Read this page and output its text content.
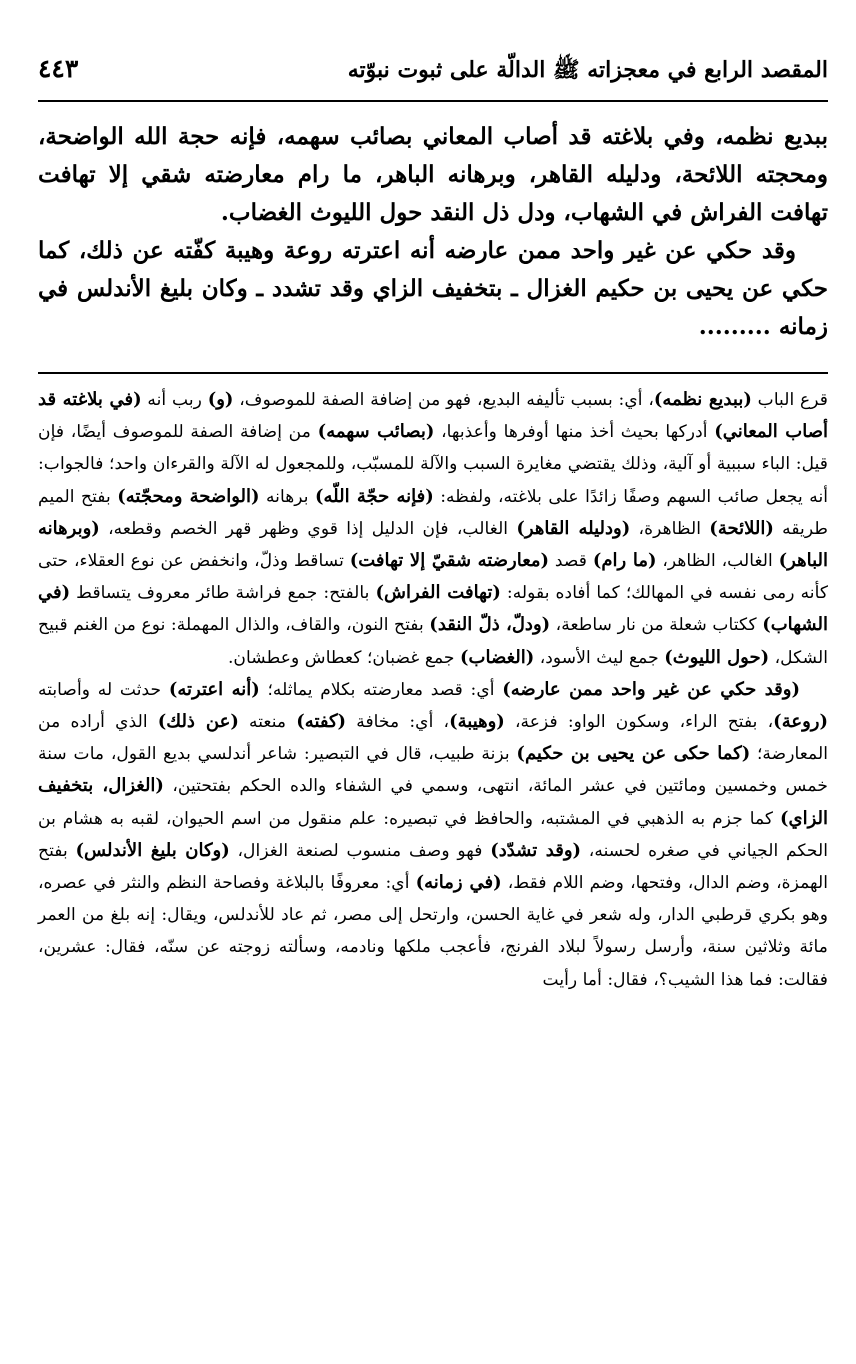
المقصد الرابع في معجزاته ﷺ الدالّة على ثبوت نبوّته
٤٤٣

ببديع نظمه، وفي بلاغته قد أصاب المعاني بصائب سهمه، فإنه حجة الله الواضحة، ومحجته اللائحة، ودليله القاهر، وبرهانه الباهر، ما رام معارضته شقي إلا تهافت تهافت الفراش في الشهاب، ودل ذل النقد حول الليوث الغضاب.

وقد حكي عن غير واحد ممن عارضه أنه اعترته روعة وهيبة كفّته عن ذلك، كما حكي عن يحيى بن حكيم الغزال ـ بتخفيف الزاي وقد تشدد ـ وكان بليغ الأندلس في زمانه .........

قرع الباب (ببديع نظمه)، أي: بسبب تأليفه البديع، فهو من إضافة الصفة للموصوف، (و) ربب أنه (في بلاغته قد أصاب المعاني) أدركها بحيث أخذ منها أوفرها وأعذبها، (بصائب سهمه) من إضافة الصفة للموصوف أيضًا، فإن قيل: الباء سببية أو آلية، وذلك يقتضي مغايرة السبب والآلة للمسبّب، وللمجعول له الآلة والقرءان واحد؛ فالجواب: أنه يجعل صائب السهم وصفًا زائدًا على بلاغته، ولفظه: (فإنه حجّة اللّه) برهانه (الواضحة ومحجّته) بفتح الميم طريقه (اللائحة) الظاهرة، (ودليله القاهر) الغالب، فإن الدليل إذا قوي وظهر قهر الخصم وقطعه، (وبرهانه الباهر) الغالب، الظاهر، (ما رام) قصد (معارضته شقيّ إلا تهافت) تساقط وذلّ، وانخفض عن نوع العقلاء، حتى كأنه رمى نفسه في المهالك؛ كما أفاده بقوله: (تهافت الفراش) بالفتح: جمع فراشة طائر معروف يتساقط (في الشهاب) ككتاب شعلة من نار ساطعة، (ودلّ، ذلّ النقد) بفتح النون، والقاف، والذال المهملة: نوع من الغنم قبيح الشكل، (حول الليوث) جمع ليث الأسود، (الغضاب) جمع غضبان؛ كعطاش وعطشان.

(وقد حكي عن غير واحد ممن عارضه) أي: قصد معارضته بكلام يماثله؛ (أنه اعترته) حدثت له وأصابته (روعة)، بفتح الراء، وسكون الواو: فزعة، (وهيبة)، أي: مخافة (كفته) منعته (عن ذلك) الذي أراده من المعارضة؛ (كما حكى عن يحيى بن حكيم) بزنة طبيب، قال في التبصير: شاعر أندلسي بديع القول، مات سنة خمس وخمسين ومائتين في عشر المائة، انتهى، وسمي في الشفاء والده الحكم بفتحتين، (الغزال، بتخفيف الزاي) كما جزم به الذهبي في المشتبه، والحافظ في تبصيره: علم منقول من اسم الحيوان، لقبه به هشام بن الحكم الجياني في صغره لحسنه، (وقد تشدّد) فهو وصف منسوب لصنعة الغزال، (وكان بليغ الأندلس) بفتح الهمزة، وضم الدال، وفتحها، وضم اللام فقط، (في زمانه) أي: معروفًا بالبلاغة وفصاحة النظم والنثر في عصره، وهو بكري قرطبي الدار، وله شعر في غاية الحسن، وارتحل إلى مصر، ثم عاد للأندلس، ويقال: إنه بلغ من العمر مائة وثلاثين سنة، وأرسل رسولاً لبلاد الفرنج، فأعجب ملكها ونادمه، وسألته زوجته عن سنّه، فقال: عشرين، فقالت: فما هذا الشيب؟، فقال: أما رأيت
